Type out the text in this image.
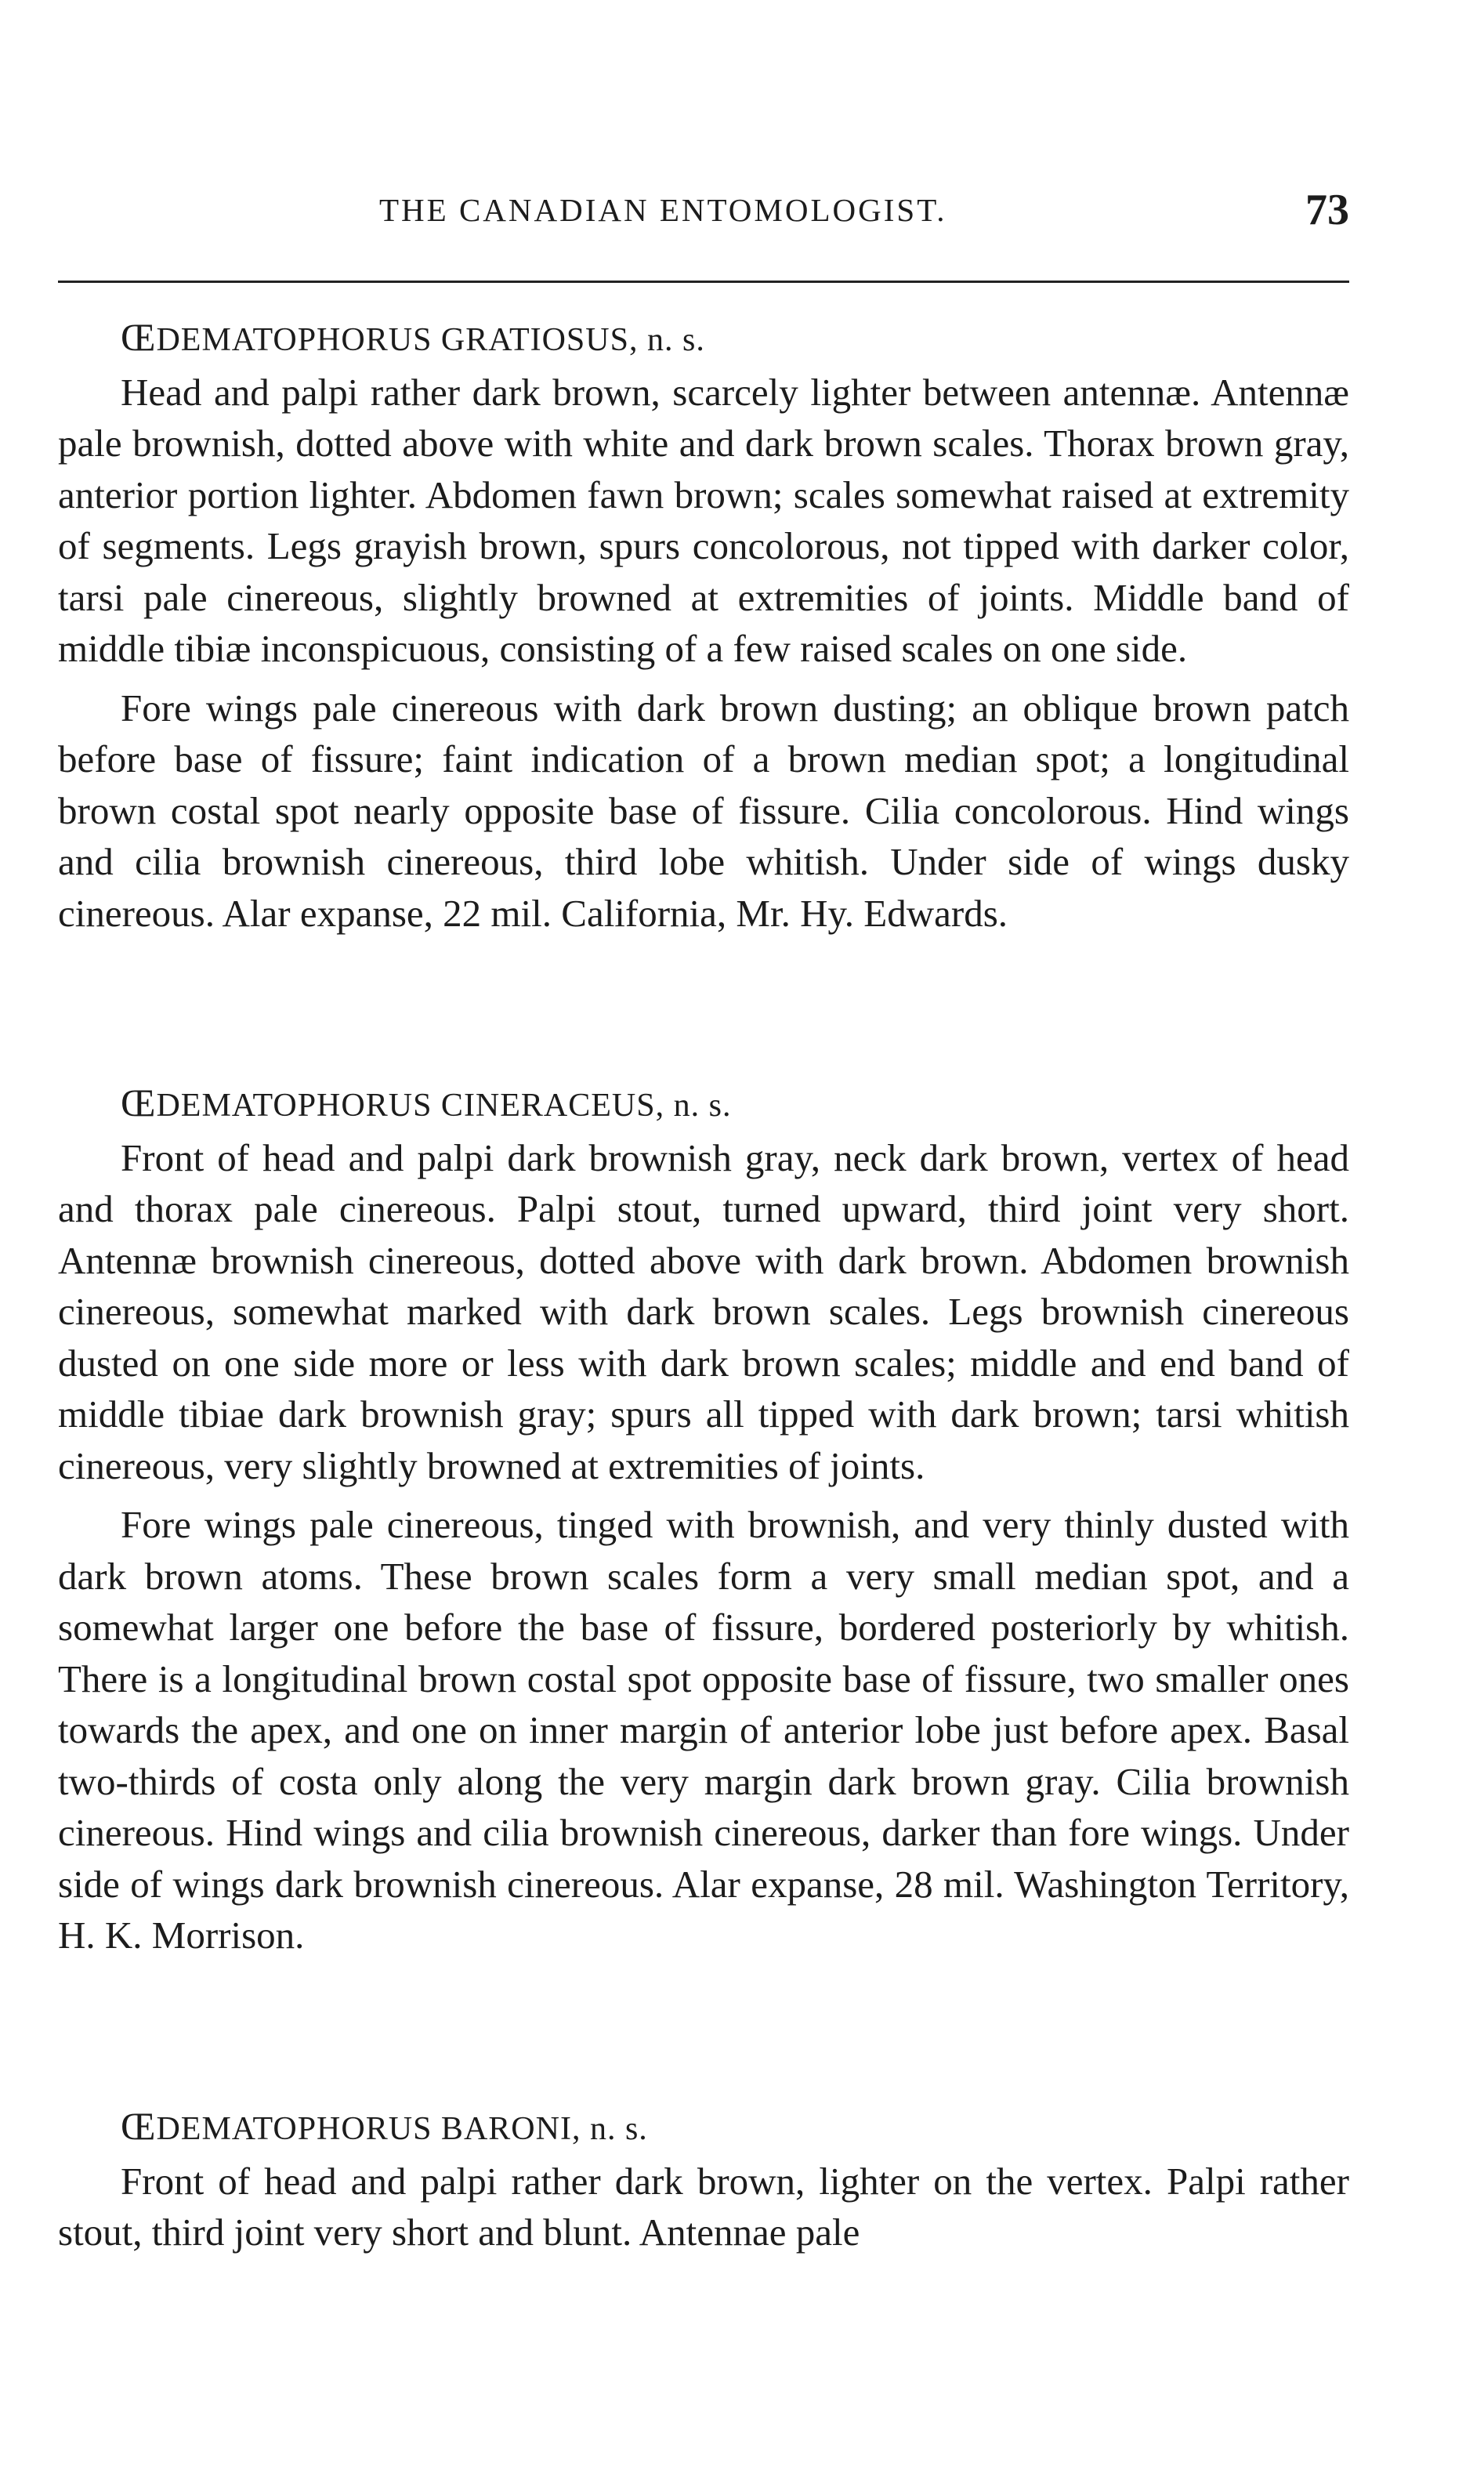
THE CANADIAN ENTOMOLOGIST.	73

ŒDEMATOPHORUS GRATIOSUS, n. s.

Head and palpi rather dark brown, scarcely lighter between antennæ. Antennæ pale brownish, dotted above with white and dark brown scales. Thorax brown gray, anterior portion lighter. Abdomen fawn brown; scales somewhat raised at extremity of segments. Legs grayish brown, spurs concolorous, not tipped with darker color, tarsi pale cinereous, slightly browned at extremities of joints. Middle band of middle tibiæ inconspicuous, consisting of a few raised scales on one side.

Fore wings pale cinereous with dark brown dusting; an oblique brown patch before base of fissure; faint indication of a brown median spot; a longitudinal brown costal spot nearly opposite base of fissure. Cilia concolorous. Hind wings and cilia brownish cinereous, third lobe whitish. Under side of wings dusky cinereous. Alar expanse, 22 mil. California, Mr. Hy. Edwards.

ŒDEMATOPHORUS CINERACEUS, n. s.

Front of head and palpi dark brownish gray, neck dark brown, vertex of head and thorax pale cinereous. Palpi stout, turned upward, third joint very short. Antennæ brownish cinereous, dotted above with dark brown. Abdomen brownish cinereous, somewhat marked with dark brown scales. Legs brownish cinereous dusted on one side more or less with dark brown scales; middle and end band of middle tibiae dark brownish gray; spurs all tipped with dark brown; tarsi whitish cinereous, very slightly browned at extremities of joints.

Fore wings pale cinereous, tinged with brownish, and very thinly dusted with dark brown atoms. These brown scales form a very small median spot, and a somewhat larger one before the base of fissure, bordered posteriorly by whitish. There is a longitudinal brown costal spot opposite base of fissure, two smaller ones towards the apex, and one on inner margin of anterior lobe just before apex. Basal two-thirds of costa only along the very margin dark brown gray. Cilia brownish cinereous. Hind wings and cilia brownish cinereous, darker than fore wings. Under side of wings dark brownish cinereous. Alar expanse, 28 mil. Washington Territory, H. K. Morrison.

ŒDEMATOPHORUS BARONI, n. s.

Front of head and palpi rather dark brown, lighter on the vertex. Palpi rather stout, third joint very short and blunt. Antennae pale
